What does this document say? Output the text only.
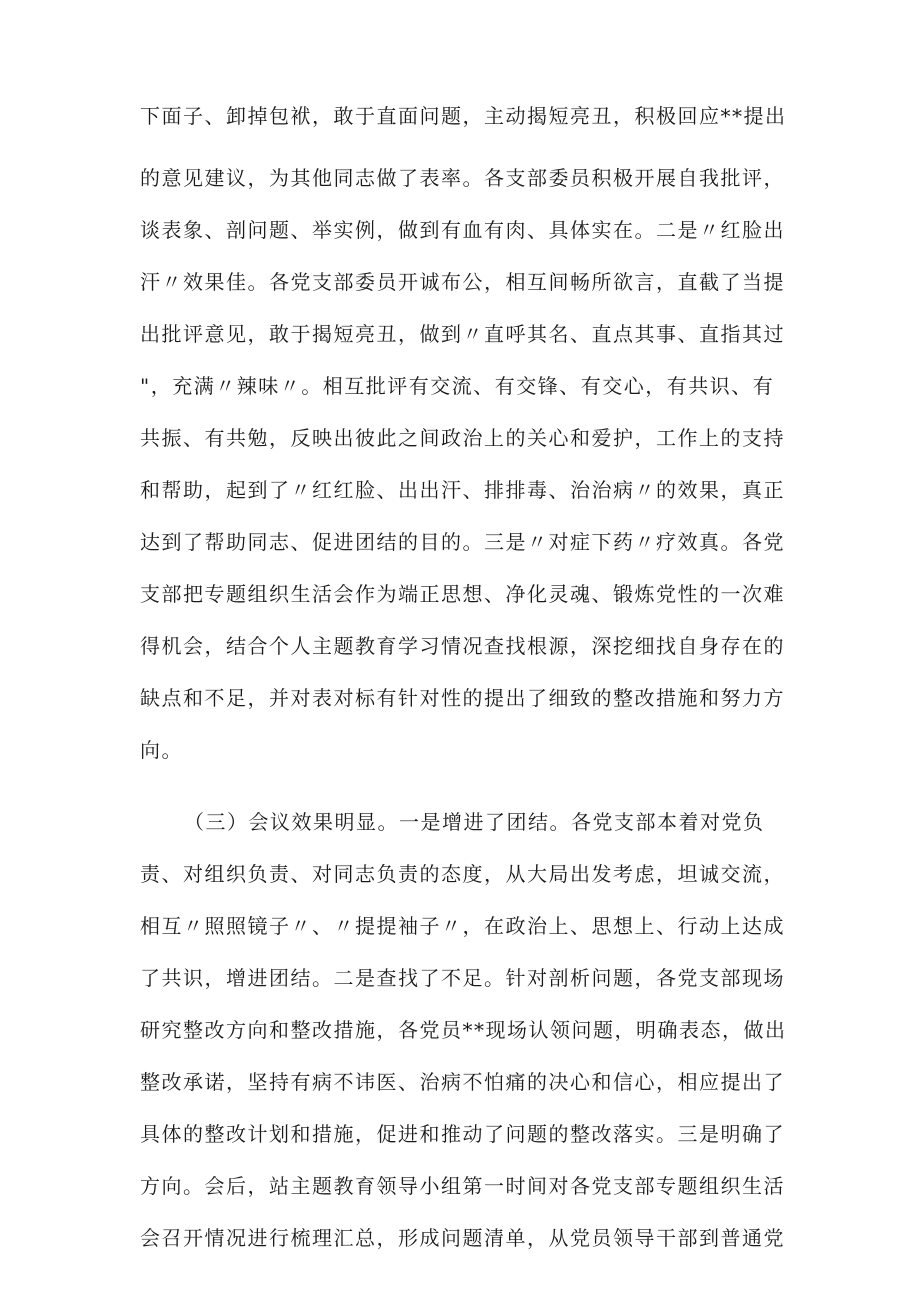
下面子、卸掉包袱，敢于直面问题，主动揭短亮丑，积极回应**提出
的意见建议，为其他同志做了表率。各支部委员积极开展自我批评，
谈表象、剖问题、举实例，做到有血有肉、具体实在。二是〃红脸出
汗〃效果佳。各党支部委员开诚布公，相互间畅所欲言，直截了当提
出批评意见，敢于揭短亮丑，做到〃直呼其名、直点其事、直指其过
"，充满〃辣味〃。相互批评有交流、有交锋、有交心，有共识、有
共振、有共勉，反映出彼此之间政治上的关心和爱护，工作上的支持
和帮助，起到了〃红红脸、出出汗、排排毒、治治病〃的效果，真正
达到了帮助同志、促进团结的目的。三是〃对症下药〃疗效真。各党
支部把专题组织生活会作为端正思想、净化灵魂、锻炼党性的一次难
得机会，结合个人主题教育学习情况查找根源，深挖细找自身存在的
缺点和不足，并对表对标有针对性的提出了细致的整改措施和努力方
向。
（三）会议效果明显。一是增进了团结。各党支部本着对党负
责、对组织负责、对同志负责的态度，从大局出发考虑，坦诚交流，
相互〃照照镜子〃、〃提提袖子〃，在政治上、思想上、行动上达成
了共识，增进团结。二是查找了不足。针对剖析问题，各党支部现场
研究整改方向和整改措施，各党员**现场认领问题，明确表态，做出
整改承诺，坚持有病不讳医、治病不怕痛的决心和信心，相应提出了
具体的整改计划和措施，促进和推动了问题的整改落实。三是明确了
方向。会后，站主题教育领导小组第一时间对各党支部专题组织生活
会召开情况进行梳理汇总，形成问题清单，从党员领导干部到普通党
